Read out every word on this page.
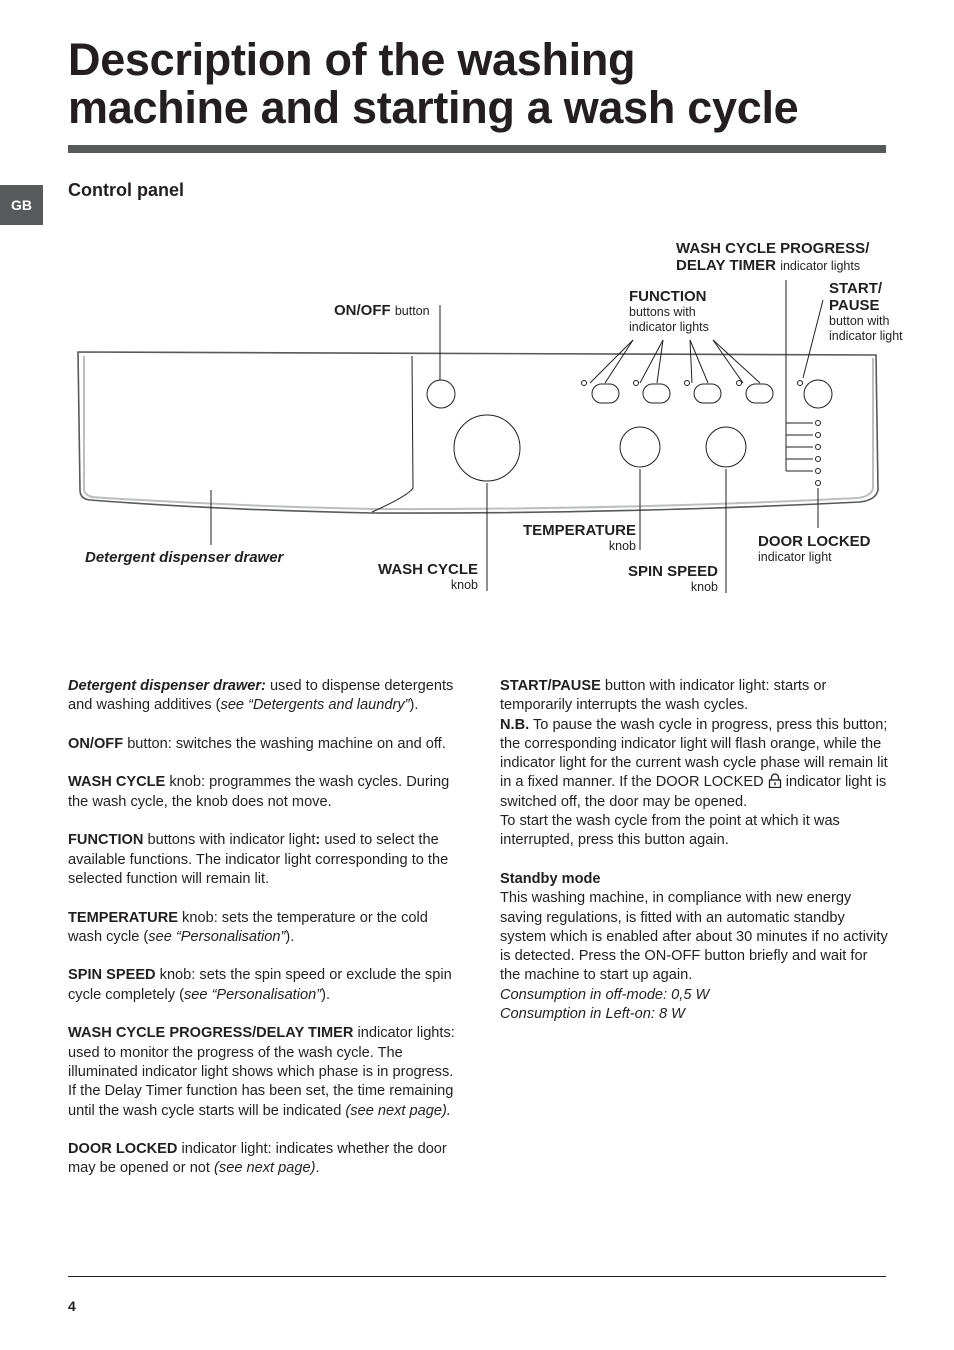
Description of the washing
machine and starting a wash cycle
GB
Control panel
WASH CYCLE PROGRESS/
DELAY TIMER indicator lights
ON/OFF button
FUNCTION
buttons with
indicator lights
START/
PAUSE
button with
indicator light
TEMPERATURE
knob	DOOR LOCKED
indicator light
Detergent dispenser drawer
WASH CYCLE
knob
SPIN SPEED
knob

Detergent dispenser drawer: used to dispense detergents and washing additives (see “Detergents and laundry”).

ON/OFF button: switches the washing machine on and off.

WASH CYCLE knob: programmes the wash cycles. During the wash cycle, the knob does not move.

FUNCTION buttons with indicator light: used to select the available functions. The indicator light corresponding to the selected function will remain lit.

TEMPERATURE knob: sets the temperature or the cold wash cycle (see “Personalisation”).

SPIN SPEED knob: sets the spin speed or exclude the spin cycle completely (see “Personalisation”).

WASH CYCLE PROGRESS/DELAY TIMER indicator lights: used to monitor the progress of the wash cycle. The illuminated indicator light shows which phase is in progress.

If the Delay Timer function has been set, the time remaining until the wash cycle starts will be indicated (see next page).

DOOR LOCKED indicator light: indicates whether the door may be opened or not (see next page).

START/PAUSE button with indicator light: starts or temporarily interrupts the wash cycles.

N.B. To pause the wash cycle in progress, press this button; the corresponding indicator light will flash orange, while the indicator light for the current wash cycle phase will remain lit in a fixed manner. If the DOOR LOCKED  indicator light is switched off, the door may be opened.

To start the wash cycle from the point at which it was interrupted, press this button again.

Standby mode

This washing machine, in compliance with new energy saving regulations, is fitted with an automatic standby system which is enabled after about 30 minutes if no activity is detected. Press the ON-OFF button briefly and wait for the machine to start up again.

Consumption in off-mode: 0,5 W

Consumption in Left-on: 8 W

4
